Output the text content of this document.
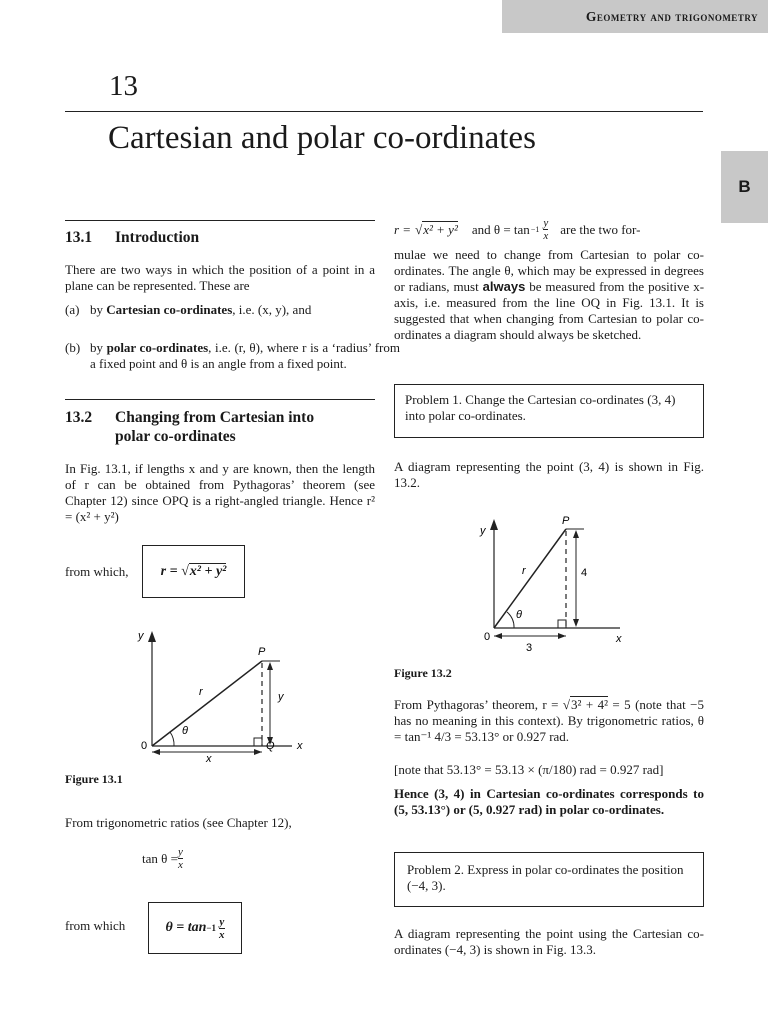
Geometry and trigonometry
B
13
Cartesian and polar co-ordinates
13.1 Introduction
There are two ways in which the position of a point in a plane can be represented. These are
(a) by Cartesian co-ordinates, i.e. (x, y), and
(b) by polar co-ordinates, i.e. (r, θ), where r is a ‘radius’ from a fixed point and θ is an angle from a fixed point.
13.2 Changing from Cartesian into
polar co-ordinates
In Fig. 13.1, if lengths x and y are known, then the length of r can be obtained from Pythagoras’ theorem (see Chapter 12) since OPQ is a right-angled triangle. Hence r² = (x² + y²)
from which, r = √x² + y²
y
x
0
P
r	y
θ
Q
x
Figure 13.1
From trigonometric ratios (see Chapter 12),
$\tan \theta = \frac{y}{x}$
from which	$\theta = \tan -1 \frac{y}{x}$
r = √x² + y² and $\theta = \tan -1 \frac{y}{x}$ are the two for-
mulae we need to change from Cartesian to polar co-ordinates. The angle θ, which may be expressed in degrees or radians, must always be measured from the positive x-axis, i.e. measured from the line OQ in Fig. 13.1. It is suggested that when changing from Cartesian to polar co-ordinates a diagram should always be sketched.
Problem 1. Change the Cartesian co-ordinates (3, 4) into polar co-ordinates.
A diagram representing the point (3, 4) is shown in Fig. 13.2.
y
x
0
P
r	4
θ
3
Figure 13.2
From Pythagoras’ theorem, r = √3² + 4² = 5 (note that −5 has no meaning in this context). By trigonometric ratios, θ = tan⁻¹ 4/3 = 53.13° or 0.927 rad.
[note that 53.13° = 53.13 × (π/180) rad = 0.927 rad]
Hence (3, 4) in Cartesian co-ordinates corresponds to (5, 53.13°) or (5, 0.927 rad) in polar co-ordinates.
Problem 2. Express in polar co-ordinates the position (−4, 3).
A diagram representing the point using the Cartesian co-ordinates (−4, 3) is shown in Fig. 13.3.
